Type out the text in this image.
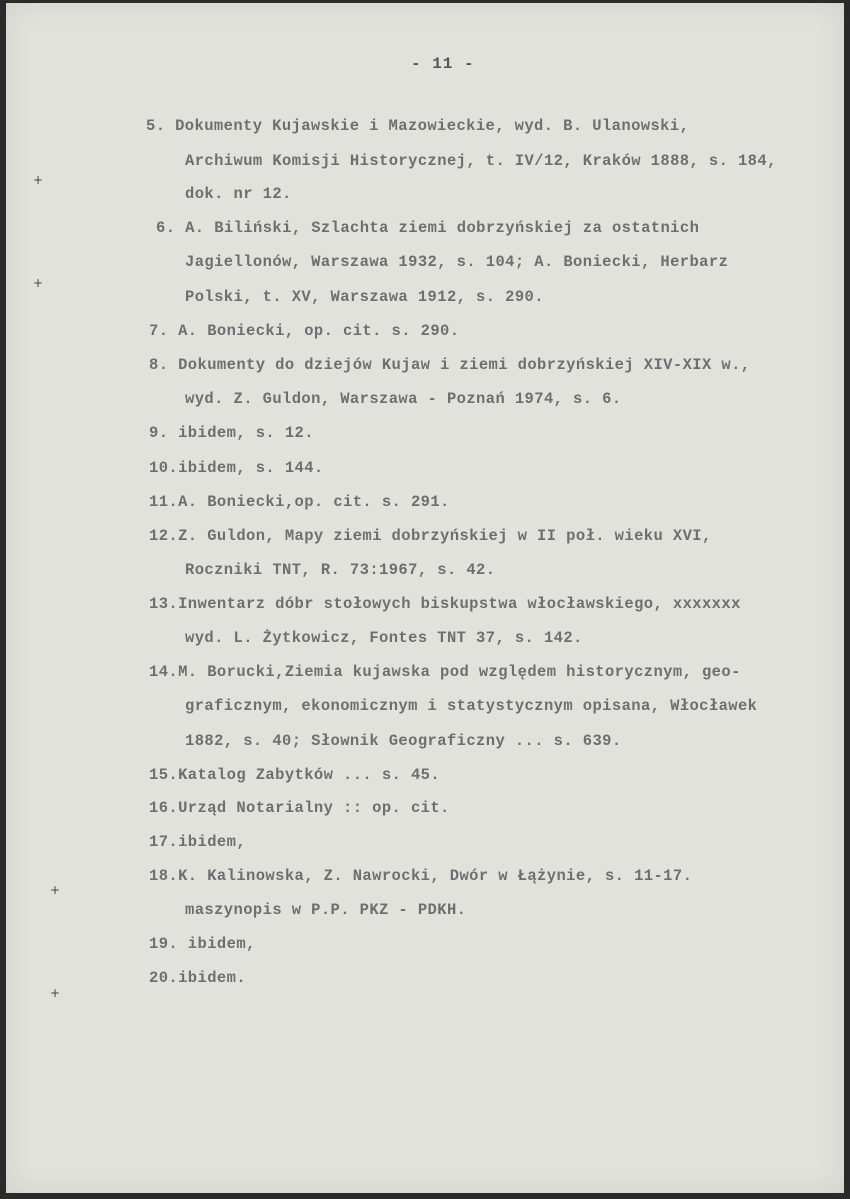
- 11 -
5. Dokumenty Kujawskie i Mazowieckie, wyd. B. Ulanowski,
Archiwum Komisji Historycznej, t. IV/12, Kraków 1888, s. 184,
dok. nr 12.
6. A. Biliński, Szlachta ziemi dobrzyńskiej za ostatnich
Jagiellonów, Warszawa 1932, s. 104; A. Boniecki, Herbarz
Polski, t. XV, Warszawa 1912, s. 290.
7. A. Boniecki, op. cit. s. 290.
8. Dokumenty do dziejów Kujaw i ziemi dobrzyńskiej XIV-XIX w.,
wyd. Z. Guldon, Warszawa - Poznań 1974, s. 6.
9. ibidem, s. 12.
10.ibidem, s. 144.
11.A. Boniecki,op. cit. s. 291.
12.Z. Guldon, Mapy ziemi dobrzyńskiej w II poł. wieku XVI,
Roczniki TNT, R. 73:1967, s. 42.
13.Inwentarz dóbr stołowych biskupstwa włocławskiego, xxxxxxx
wyd. L. Żytkowicz, Fontes TNT 37, s. 142.
14.M. Borucki,Ziemia kujawska pod względem historycznym, geo-
graficznym, ekonomicznym i statystycznym opisana, Włocławek
1882, s. 40; Słownik Geograficzny ... s. 639.
15.Katalog Zabytków ... s. 45.
16.Urząd Notarialny :: op. cit.
17.ibidem,
18.K. Kalinowska, Z. Nawrocki, Dwór w Łążynie, s. 11-17.
maszynopis w P.P. PKZ - PDKH.
19. ibidem,
20.ibidem.
+
+
+
+
